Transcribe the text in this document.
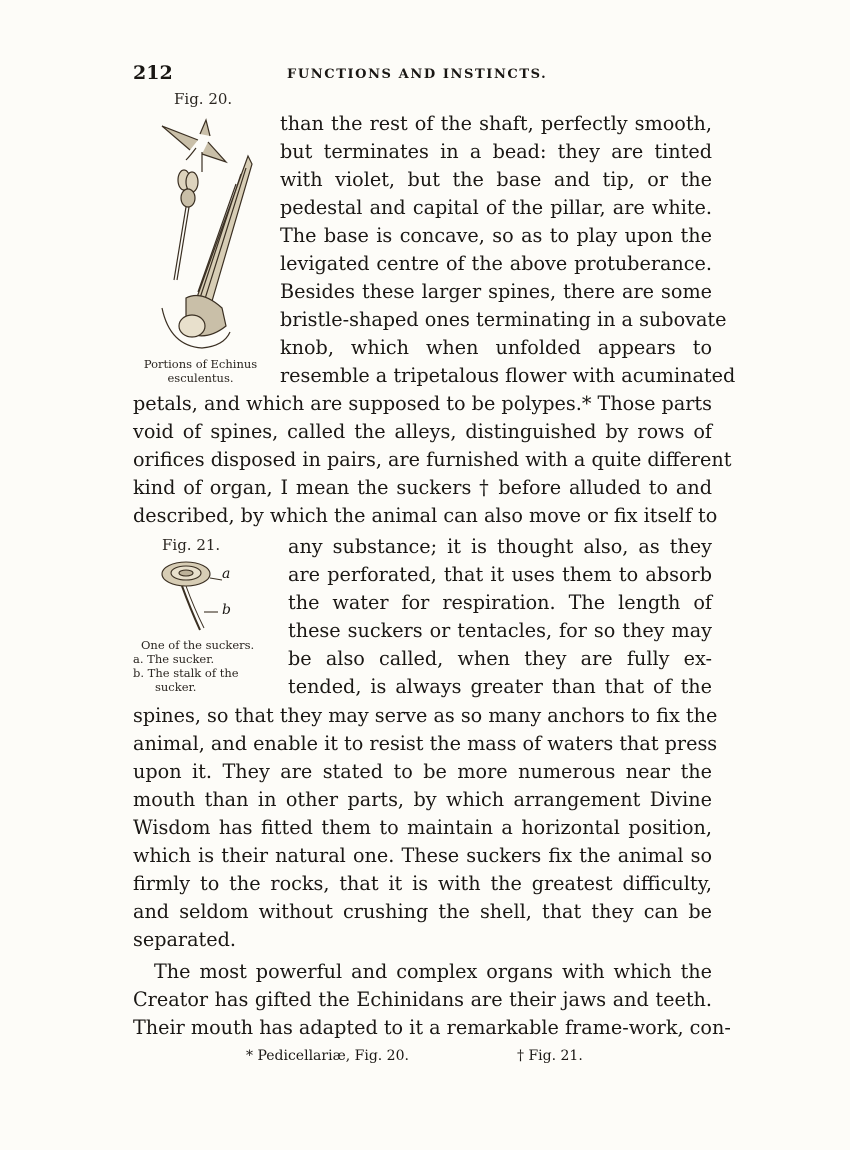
212	FUNCTIONS AND INSTINCTS.
Fig. 20.
Portions of Echinus
esculentus.
than the rest of the shaft, perfectly smooth,
but terminates in a bead: they are tinted
with violet, but the base and tip, or the
pedestal and capital of the pillar, are white.
The base is concave, so as to play upon the
levigated centre of the above protuberance.
Besides these larger spines, there are some
bristle-shaped ones terminating in a subovate
knob, which when unfolded appears to
resemble a tripetalous flower with acuminated
petals, and which are supposed to be polypes.* Those parts
void of spines, called the alleys, distinguished by rows of
orifices disposed in pairs, are furnished with a quite different
kind of organ, I mean the suckers † before alluded to and
described, by which the animal can also move or fix itself to
Fig. 21.
a
b
One of the suckers.
a. The sucker.
b. The stalk of the
sucker.
any substance; it is thought also, as they
are perforated, that it uses them to absorb
the water for respiration. The length of
these suckers or tentacles, for so they may
be also called, when they are fully ex-
tended, is always greater than that of the
spines, so that they may serve as so many anchors to fix the
animal, and enable it to resist the mass of waters that press
upon it. They are stated to be more numerous near the
mouth than in other parts, by which arrangement Divine
Wisdom has fitted them to maintain a horizontal position,
which is their natural one. These suckers fix the animal so
firmly to the rocks, that it is with the greatest difficulty,
and seldom without crushing the shell, that they can be
separated.
The most powerful and complex organs with which the
Creator has gifted the Echinidans are their jaws and teeth.
Their mouth has adapted to it a remarkable frame-work, con-
* Pedicellariæ, Fig. 20.	† Fig. 21.
